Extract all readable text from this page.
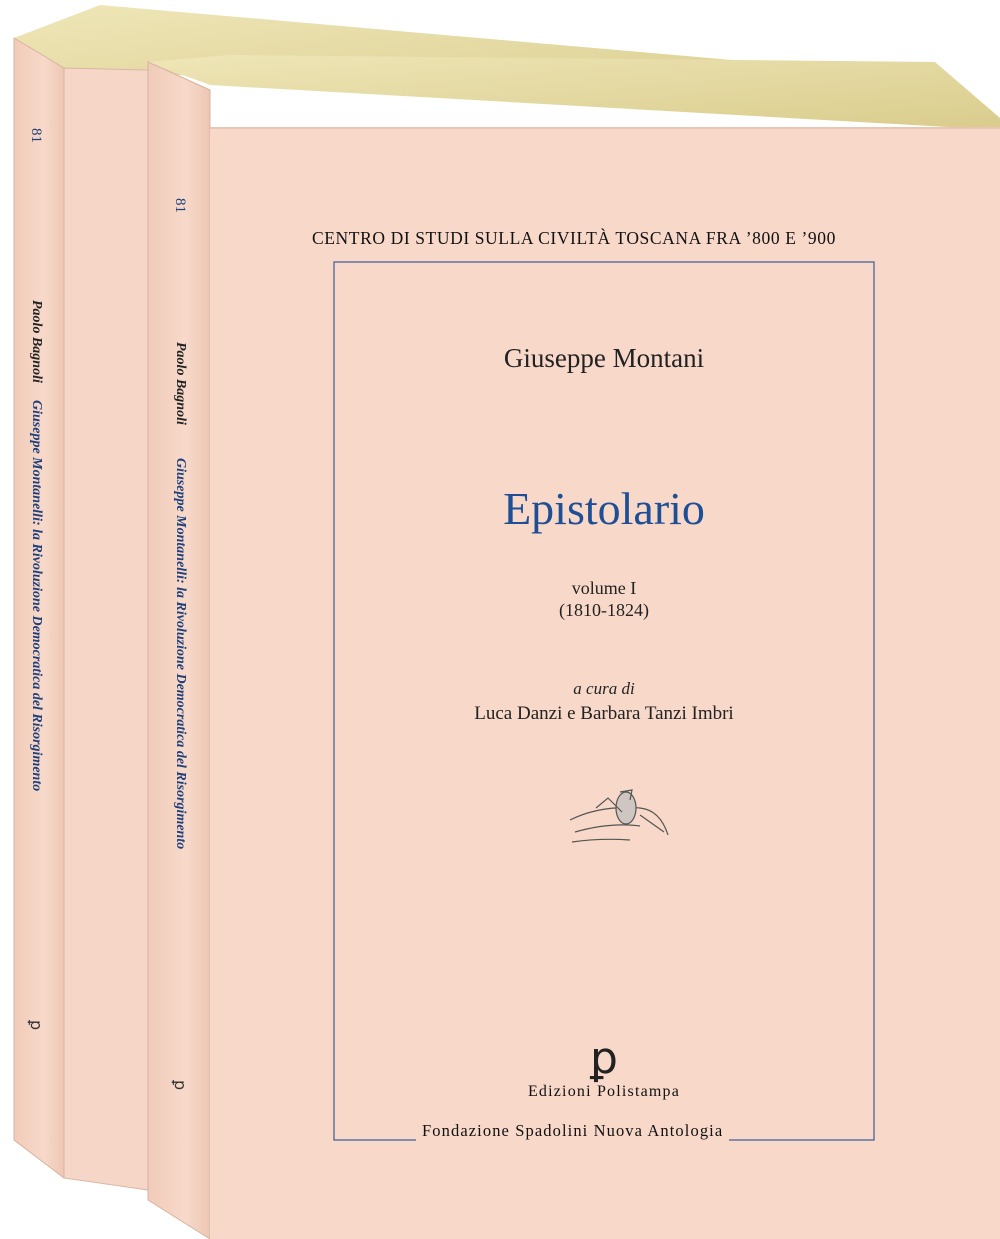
81
Paolo Bagnoli
Giuseppe Montanelli: la Rivoluzione Democratica del Risorgimento
ꝑ
81
Paolo Bagnoli
Giuseppe Montanelli: la Rivoluzione Democratica del Risorgimento
ꝑ
CENTRO DI STUDI SULLA CIVILTÀ TOSCANA FRA ’800 E ’900
Giuseppe Montani
Epistolario
volume I
(1810-1824)
a cura di
Luca Danzi e Barbara Tanzi Imbri
ꝑ
Edizioni Polistampa
Fondazione Spadolini Nuova Antologia
